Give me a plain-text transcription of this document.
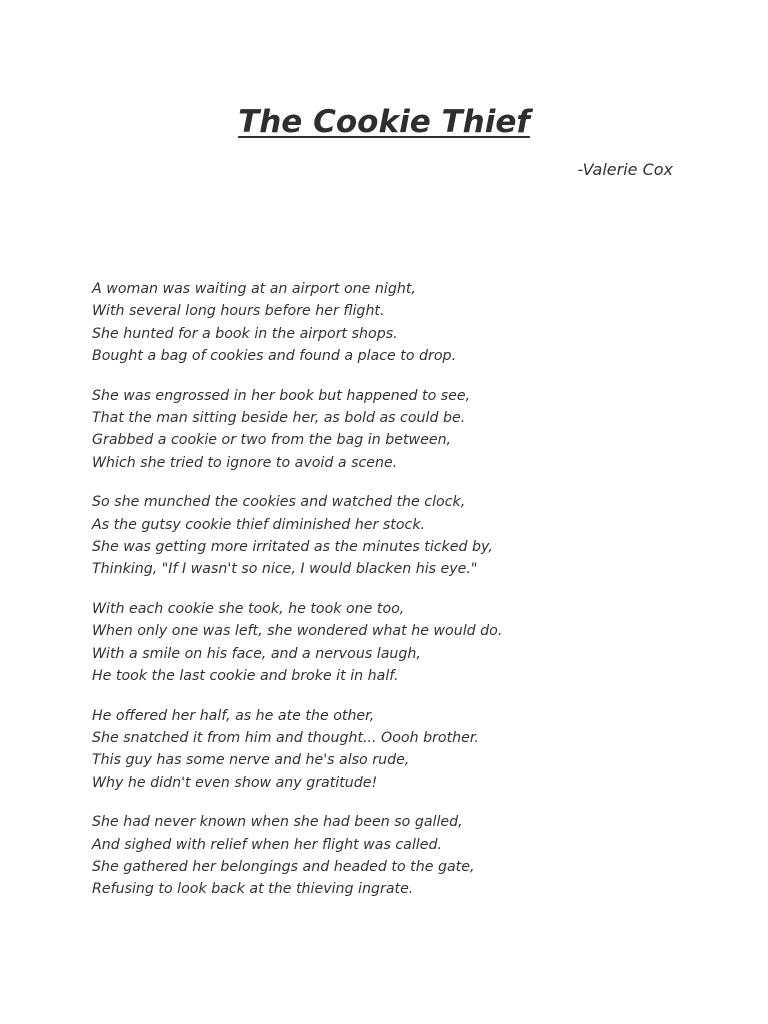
The Cookie Thief
-Valerie Cox
A woman was waiting at an airport one night,
With several long hours before her flight.
She hunted for a book in the airport shops.
Bought a bag of cookies and found a place to drop.
She was engrossed in her book but happened to see,
That the man sitting beside her, as bold as could be.
Grabbed a cookie or two from the bag in between,
Which she tried to ignore to avoid a scene.
So she munched the cookies and watched the clock,
As the gutsy cookie thief diminished her stock.
She was getting more irritated as the minutes ticked by,
Thinking, "If I wasn't so nice, I would blacken his eye."
With each cookie she took, he took one too,
When only one was left, she wondered what he would do.
With a smile on his face, and a nervous laugh,
He took the last cookie and broke it in half.
He offered her half, as he ate the other,
She snatched it from him and thought... Oooh brother.
This guy has some nerve and he's also rude,
Why he didn't even show any gratitude!
She had never known when she had been so galled,
And sighed with relief when her flight was called.
She gathered her belongings and headed to the gate,
Refusing to look back at the thieving ingrate.
